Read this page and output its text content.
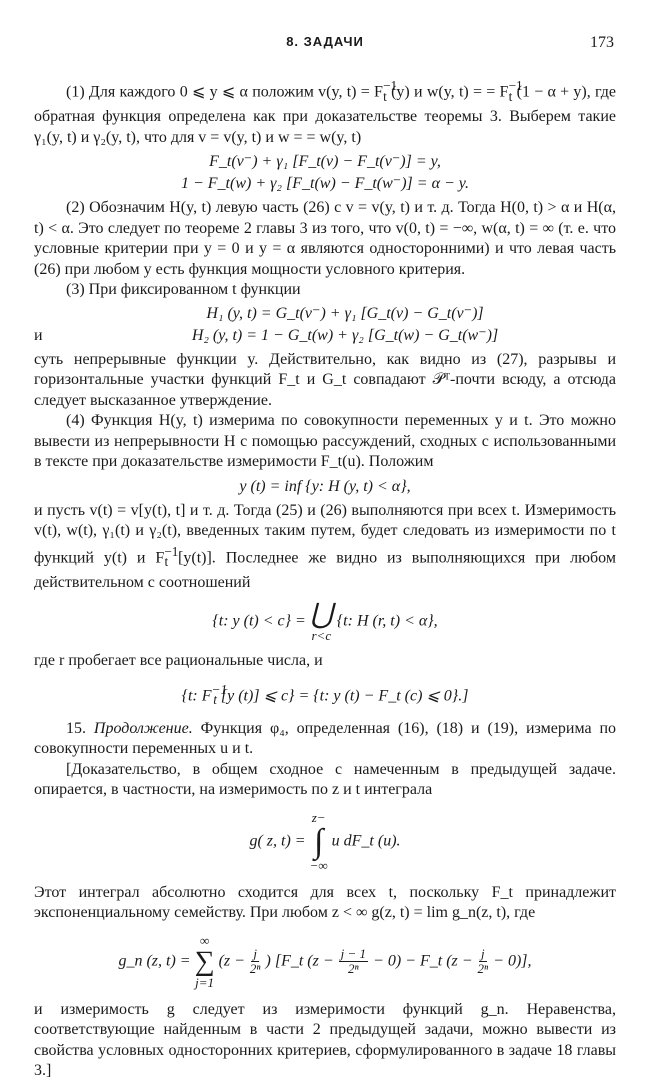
8. ЗАДАЧИ	173

(1) Для каждого 0 ⩽ y ⩽ α положим v(y, $t) = F^{-1}_t$ (y) и w(y, t) = = $F^{-1}_t$ (1 − α + y), где обратная функция определена как при доказательстве теоремы 3. Выберем такие γ₁(y, t) и γ₂(y, t), что для v = v(y, t) и w = = w(y, t)

F_t(v⁻) + γ₁ [F_t(v) − F_t(v⁻)] = y,
1 − F_t(w) + γ₂ [F_t(w) − F_t(w⁻)] = α − y.

(2) Обозначим H(y, t) левую часть (26) с v = v(y, t) и т. д. Тогда H(0, t) > α и H(α, t) < α. Это следует по теореме 2 главы 3 из того, что v(0, t) = −∞, w(α, t) = ∞ (т. е. что условные критерии при y = 0 и y = α являются односторонними) и что левая часть (26) при любом y есть функция мощности условного критерия.

(3) При фиксированном t функции

H₁ (y, t) = G_t(v⁻) + γ₁ [G_t(v) − G_t(v⁻)]
и	H₂ (y, t) = 1 − G_t(w) + γ₂ [G_t(w) − G_t(w⁻)]

суть непрерывные функции y. Действительно, как видно из (27), разрывы и горизонтальные участки функций F_t и G_t совпадают 𝒫ᵀ-почти всюду, а отсюда следует высказанное утверждение.

(4) Функция H(y, t) измерима по совокупности переменных y и t. Это можно вывести из непрерывности H с помощью рассуждений, сходных с использованными в тексте при доказательстве измеримости F_t(u). Положим

y (t) = inf {y: H (y, t) < α},

и пусть v(t) = v[y(t), t] и т. д. Тогда (25) и (26) выполняются при всех t. Измеримость v(t), w(t), γ₁(t) и γ₂(t), введенных таким путем, будет следовать из измеримости по t функций y(t) и $F^{-1}_t$ [y(t)]. Последнее же видно из выполняющихся при любом действительном c соотношений

{t: y (t) < c} = ⋃
r<c
{t: H (r, t) < α},

где r пробегает все рациональные числа, и

{t: $F^{-1}_t$ [y (t)] ⩽ c} = {t: y (t) − F_t (c) ⩽ 0}.]

15. Продолжение. Функция φ₄, определенная (16), (18) и (19), измерима по совокупности переменных u и t.

[Доказательство, в общем сходное с намеченным в предыдущей задаче. опирается, в частности, на измеримость по z и t интеграла

g( z, t) =
z−
∫
−∞
u dF_t (u).

Этот интеграл абсолютно сходится для всех t, поскольку F_t принадлежит экспоненциальному семейству. При любом z < ∞ g(z, t) = lim g_n(z, t), где

g_n (z, t) =
∞
∑
j=1
($z - \frac{j}{\text{2ⁿ}}$ ) [F_t $(z - \frac{j - 1}{\text{2ⁿ}} - 0)$ − F_t $(z - \frac{j}{\text{2ⁿ}} - 0)$],

и измеримость g следует из измеримости функций g_n. Неравенства, соответствующие найденным в части 2 предыдущей задачи, можно вывести из свойства условных односторонних критериев, сформулированного в задаче 18 главы 3.]
